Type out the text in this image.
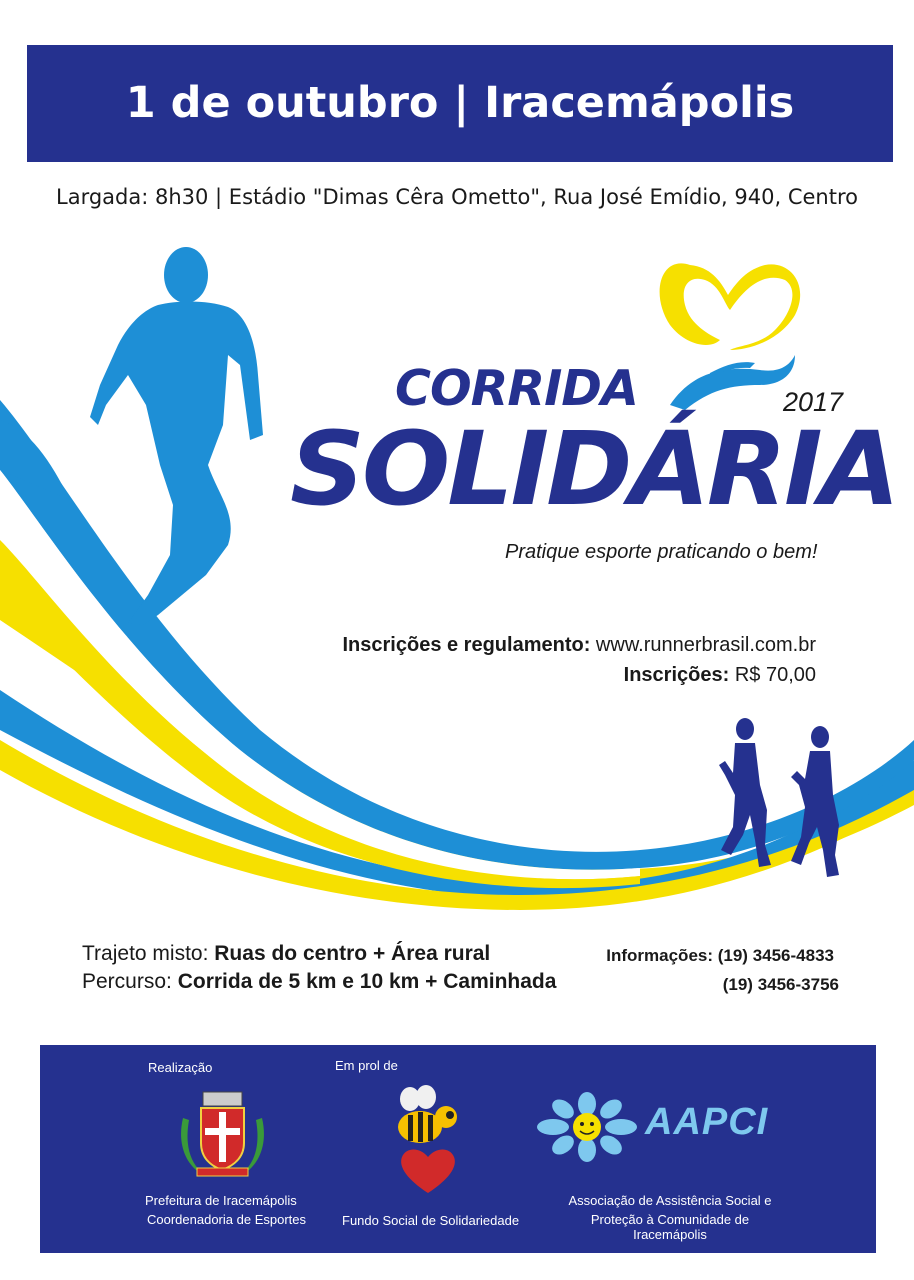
1 de outubro | Iracemápolis
Largada: 8h30 | Estádio "Dimas Cêra Ometto", Rua José Emídio, 940, Centro
CORRIDA	2017
SOLIDÁRIA
Pratique esporte praticando o bem!
Inscrições e regulamento: www.runnerbrasil.com.br
Inscrições: R$ 70,00
Trajeto misto: Ruas do centro + Área rural
Percurso: Corrida de 5 km e 10 km + Caminhada
Informações: (19) 3456-4833
(19) 3456-3756
Realização	Em prol de
AAPCI
Prefeitura de Iracemápolis
Coordenadoria de Esportes	Fundo Social de Solidariedade
Associação de Assistência Social e
Proteção à Comunidade de Iracemápolis
